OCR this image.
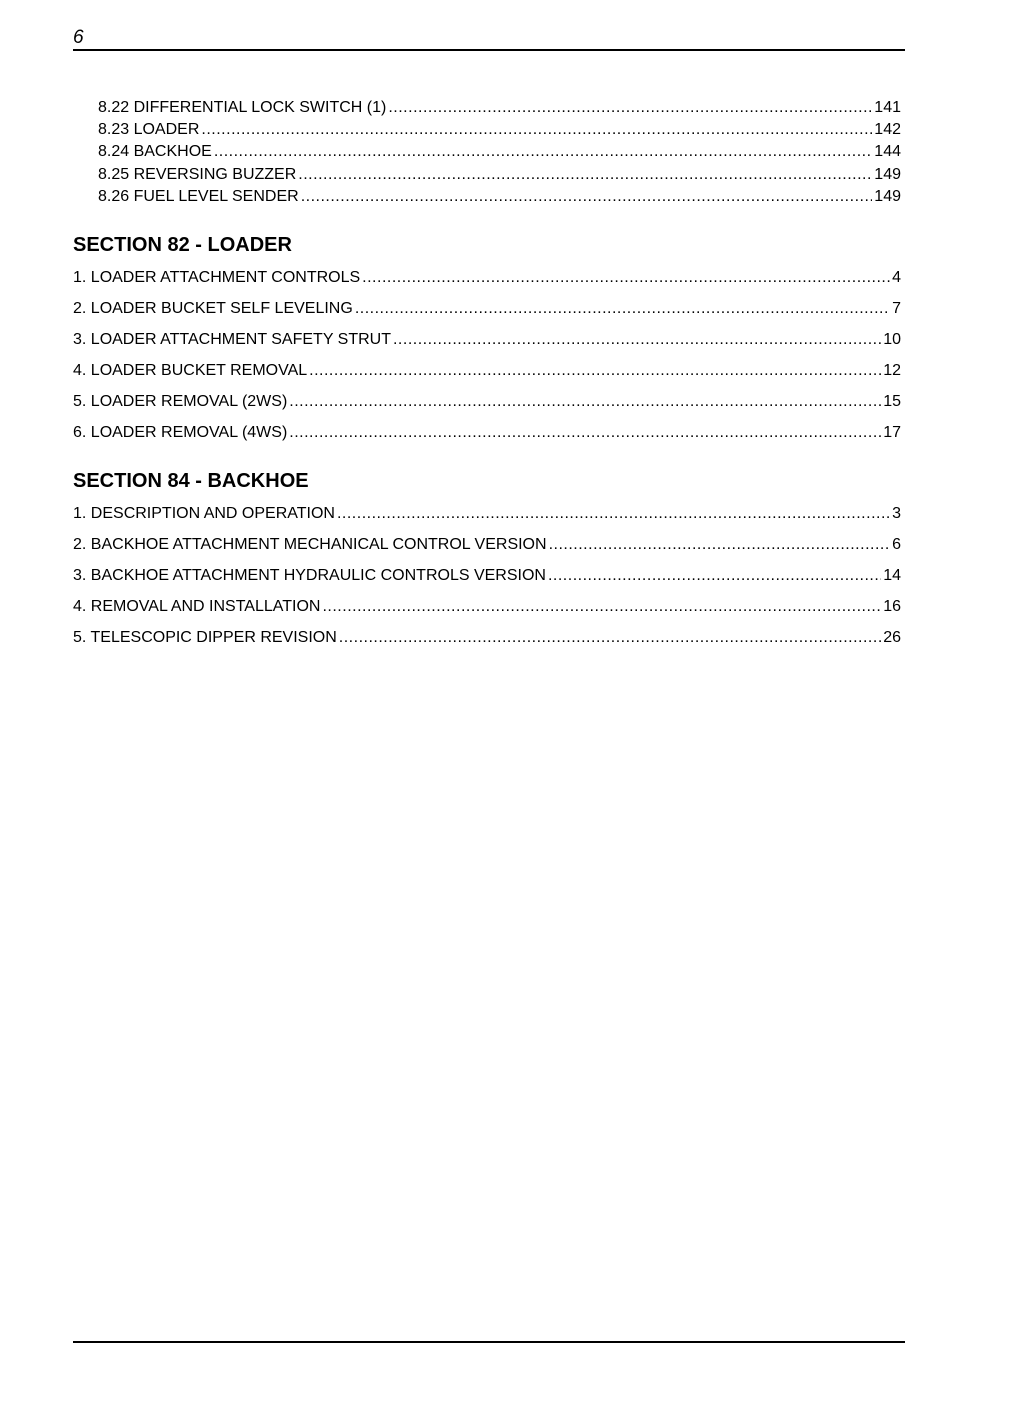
6
8.22 DIFFERENTIAL LOCK SWITCH (1) .....	141
8.23 LOADER .....	142
8.24 BACKHOE .....	144
8.25 REVERSING BUZZER .....	149
8.26 FUEL LEVEL SENDER .....	149
SECTION 82 - LOADER
1. LOADER ATTACHMENT CONTROLS .....	4
2. LOADER BUCKET SELF LEVELING .....	7
3. LOADER ATTACHMENT SAFETY STRUT .....	10
4. LOADER BUCKET REMOVAL .....	12
5. LOADER REMOVAL (2WS) .....	15
6. LOADER REMOVAL (4WS) .....	17
SECTION 84 - BACKHOE
1. DESCRIPTION AND OPERATION .....	3
2. BACKHOE ATTACHMENT MECHANICAL CONTROL VERSION .....	6
3. BACKHOE ATTACHMENT HYDRAULIC CONTROLS VERSION .....	14
4. REMOVAL AND INSTALLATION .....	16
5. TELESCOPIC DIPPER REVISION .....	26
